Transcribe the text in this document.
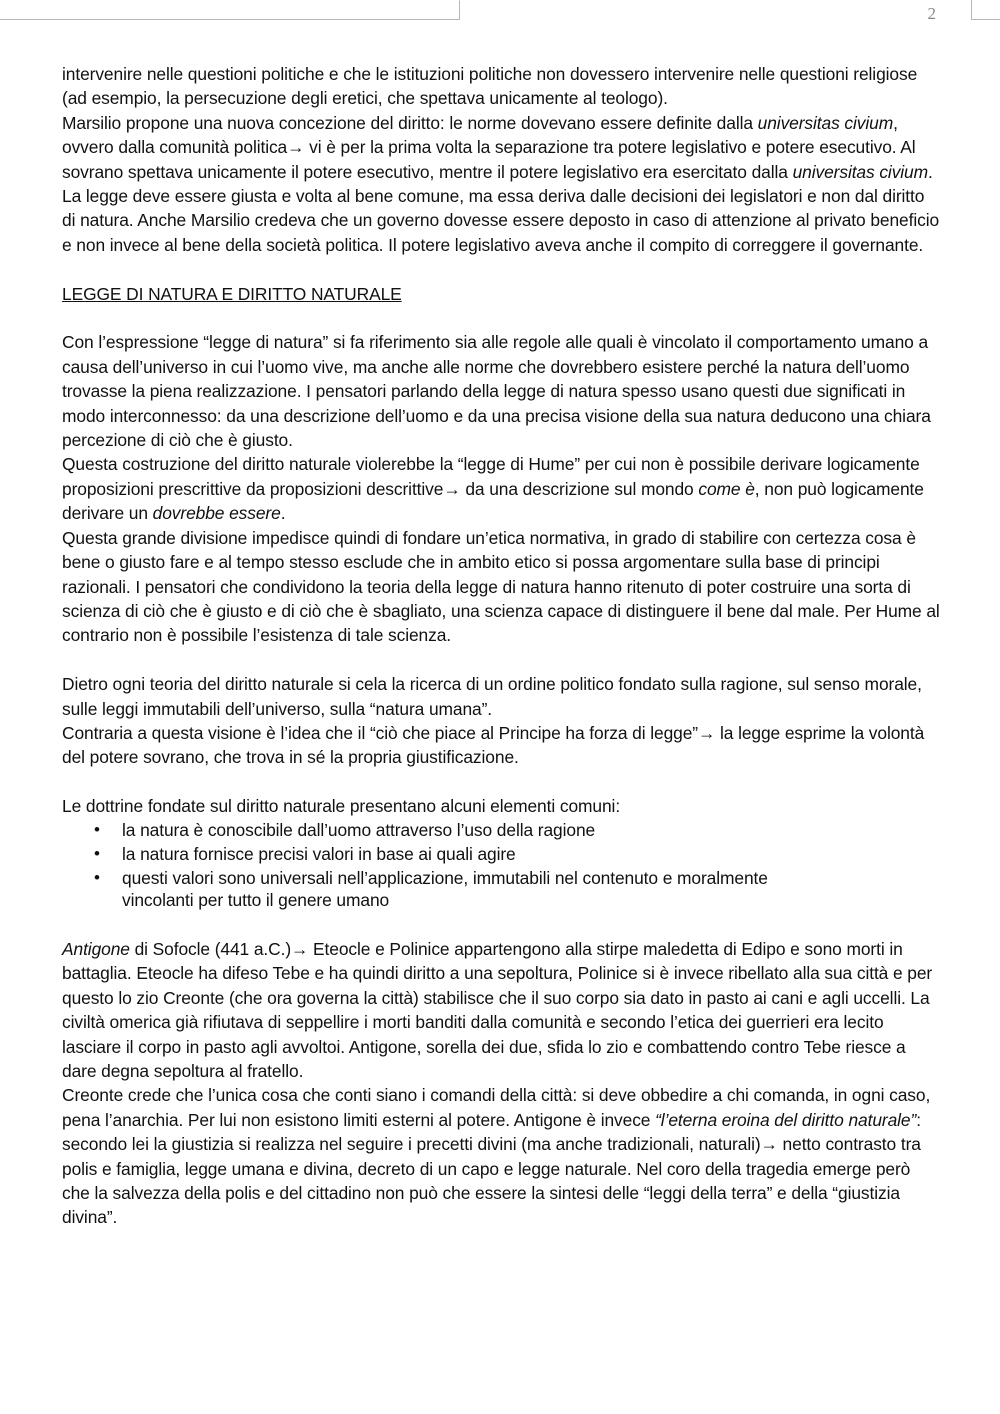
2

intervenire nelle questioni politiche e che le istituzioni politiche non dovessero intervenire nelle questioni religiose (ad esempio, la persecuzione degli eretici, che spettava unicamente al teologo).

Marsilio propone una nuova concezione del diritto: le norme dovevano essere definite dalla universitas civium, ovvero dalla comunità politica→ vi è per la prima volta la separazione tra potere legislativo e potere esecutivo. Al sovrano spettava unicamente il potere esecutivo, mentre il potere legislativo era esercitato dalla universitas civium. La legge deve essere giusta e volta al bene comune, ma essa deriva dalle decisioni dei legislatori e non dal diritto di natura. Anche Marsilio credeva che un governo dovesse essere deposto in caso di attenzione al privato beneficio e non invece al bene della società politica. Il potere legislativo aveva anche il compito di correggere il governante.

LEGGE DI NATURA E DIRITTO NATURALE

Con l’espressione “legge di natura” si fa riferimento sia alle regole alle quali è vincolato il comportamento umano a causa dell’universo in cui l’uomo vive, ma anche alle norme che dovrebbero esistere perché la natura dell’uomo trovasse la piena realizzazione. I pensatori parlando della legge di natura spesso usano questi due significati in modo interconnesso: da una descrizione dell’uomo e da una precisa visione della sua natura deducono una chiara percezione di ciò che è giusto.

Questa costruzione del diritto naturale violerebbe la “legge di Hume” per cui non è possibile derivare logicamente proposizioni prescrittive da proposizioni descrittive→ da una descrizione sul mondo come è, non può logicamente derivare un dovrebbe essere.

Questa grande divisione impedisce quindi di fondare un’etica normativa, in grado di stabilire con certezza cosa è bene o giusto fare e al tempo stesso esclude che in ambito etico si possa argomentare sulla base di principi razionali. I pensatori che condividono la teoria della legge di natura hanno ritenuto di poter costruire una sorta di scienza di ciò che è giusto e di ciò che è sbagliato, una scienza capace di distinguere il bene dal male. Per Hume al contrario non è possibile l’esistenza di tale scienza.

Dietro ogni teoria del diritto naturale si cela la ricerca di un ordine politico fondato sulla ragione, sul senso morale, sulle leggi immutabili dell’universo, sulla “natura umana”.

Contraria a questa visione è l’idea che il “ciò che piace al Principe ha forza di legge”→ la legge esprime la volontà del potere sovrano, che trova in sé la propria giustificazione.

Le dottrine fondate sul diritto naturale presentano alcuni elementi comuni:

• la natura è conoscibile dall’uomo attraverso l’uso della ragione
• la natura fornisce precisi valori in base ai quali agire
• questi valori sono universali nell’applicazione, immutabili nel contenuto e moralmente vincolanti per tutto il genere umano

Antigone di Sofocle (441 a.C.)→ Eteocle e Polinice appartengono alla stirpe maledetta di Edipo e sono morti in battaglia. Eteocle ha difeso Tebe e ha quindi diritto a una sepoltura, Polinice si è invece ribellato alla sua città e per questo lo zio Creonte (che ora governa la città) stabilisce che il suo corpo sia dato in pasto ai cani e agli uccelli. La civiltà omerica già rifiutava di seppellire i morti banditi dalla comunità e secondo l’etica dei guerrieri era lecito lasciare il corpo in pasto agli avvoltoi. Antigone, sorella dei due, sfida lo zio e combattendo contro Tebe riesce a dare degna sepoltura al fratello.

Creonte crede che l’unica cosa che conti siano i comandi della città: si deve obbedire a chi comanda, in ogni caso, pena l’anarchia. Per lui non esistono limiti esterni al potere. Antigone è invece “l’eterna eroina del diritto naturale”: secondo lei la giustizia si realizza nel seguire i precetti divini (ma anche tradizionali, naturali)→ netto contrasto tra polis e famiglia, legge umana e divina, decreto di un capo e legge naturale. Nel coro della tragedia emerge però che la salvezza della polis e del cittadino non può che essere la sintesi delle “leggi della terra” e della “giustizia divina”.
